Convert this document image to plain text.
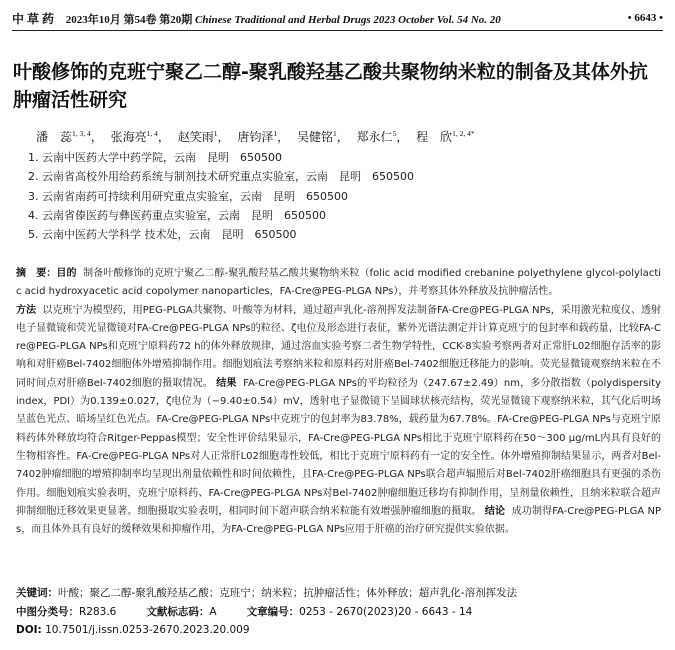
中草药 2023年10月 第54卷 第20期 Chinese Traditional and Herbal Drugs 2023 October Vol. 54 No. 20	• 6643 •
叶酸修饰的克班宁聚乙二醇-聚乳酸羟基乙酸共聚物纳米粒的制备及其体外抗肿瘤活性研究
潘　蕊$^{1, 3, 4}$， 张海亮$^{1, 4}$， 赵笑雨$^1$， 唐钧泽$^1$， 吴健铭$^1$， 郑永仁$^5$， 程　欣$^{1, 2, 4*}$
1. 云南中医药大学中药学院，云南　昆明　650500
2. 云南省高校外用给药系统与制剂技术研究重点实验室，云南　昆明　650500
3. 云南省南药可持续利用研究重点实验室，云南　昆明　650500
4. 云南省傣医药与彝医药重点实验室，云南　昆明　650500
5. 云南中医药大学科学 技术处，云南　昆明　650500
摘　要：目的 制备叶酸修饰的克班宁聚乙二醇-聚乳酸羟基乙酸共聚物纳米粒（folic acid modified crebanine polyethylene glycol-polylactic acid hydroxyacetic acid copolymer nanoparticles，FA-Cre@PEG-PLGA NPs），并考察其体外释放及抗肿瘤活性。
方法 以克班宁为模型药，用PEG-PLGA共聚物、叶酸等为材料，通过超声乳化-溶剂挥发法制备FA-Cre@PEG-PLGA NPs，采用激光粒度仪、透射电子显微镜和荧光显微镜对FA-Cre@PEG-PLGA NPs的粒径、ζ电位及形态进行表征，紫外光谱法测定并计算克班宁的包封率和载药量，比较FA-Cre@PEG-PLGA NPs和克班宁原料药72 h的体外释放规律，通过溶血实验考察二者生物学特性，CCK-8实验考察两者对正常肝L02细胞存活率的影响和对肝癌Bel-7402细胞体外增殖抑制作用。细胞划痕法考察纳米粒和原料药对肝癌Bel-7402细胞迁移能力的影响。荧光显微镜观察纳米粒在不同时间点对肝癌Bel-7402细胞的摄取情况。 结果 FA-Cre@PEG-PLGA NPs的平均粒径为（247.67±2.49）nm，多分散指数（polydispersity index，PDI）为0.139±0.027，ζ电位为（−9.40±0.54）mV，透射电子显微镜下呈圆球状核壳结构，荧光显微镜下观察纳米粒，其气化后明场呈蓝色光点、暗场呈红色光点。FA-Cre@PEG-PLGA NPs中克班宁的包封率为83.78%，载药量为67.78%。FA-Cre@PEG-PLGA NPs与克班宁原料药体外释放均符合Ritger-Peppas模型；安全性评价结果显示，FA-Cre@PEG-PLGA NPs相比于克班宁原料药在50～300 μg/mL内具有良好的生物相容性。FA-Cre@PEG-PLGA NPs对人正常肝L02细胞毒性较低，相比于克班宁原料药有一定的安全性。体外增殖抑制结果显示，两者对Bel-7402肿瘤细胞的增殖抑制率均呈现出剂量依赖性和时间依赖性，且FA-Cre@PEG-PLGA NPs联合超声辐照后对Bel-7402肝癌细胞具有更强的杀伤作用。细胞划痕实验表明，克班宁原料药、FA-Cre@PEG-PLGA NPs对Bel-7402肿瘤细胞迁移均有抑制作用，呈剂量依赖性，且纳米粒联合超声抑制细胞迁移效果更显著。细胞摄取实验表明，相同时间下超声联合纳米粒能有效增强肿瘤细胞的摄取。 结论 成功制得FA-Cre@PEG-PLGA NPs，而且体外具有良好的缓释效果和抑瘤作用，为FA-Cre@PEG-PLGA NPs应用于肝癌的治疗研究提供实验依据。
关键词：叶酸；聚乙二醇-聚乳酸羟基乙酸；克班宁；纳米粒；抗肿瘤活性；体外释放；超声乳化-溶剂挥发法
中图分类号：R283.6	文献标志码：A	文章编号：0253 - 2670(2023)20 - 6643 - 14
DOI: 10.7501/j.issn.0253-2670.2023.20.009
